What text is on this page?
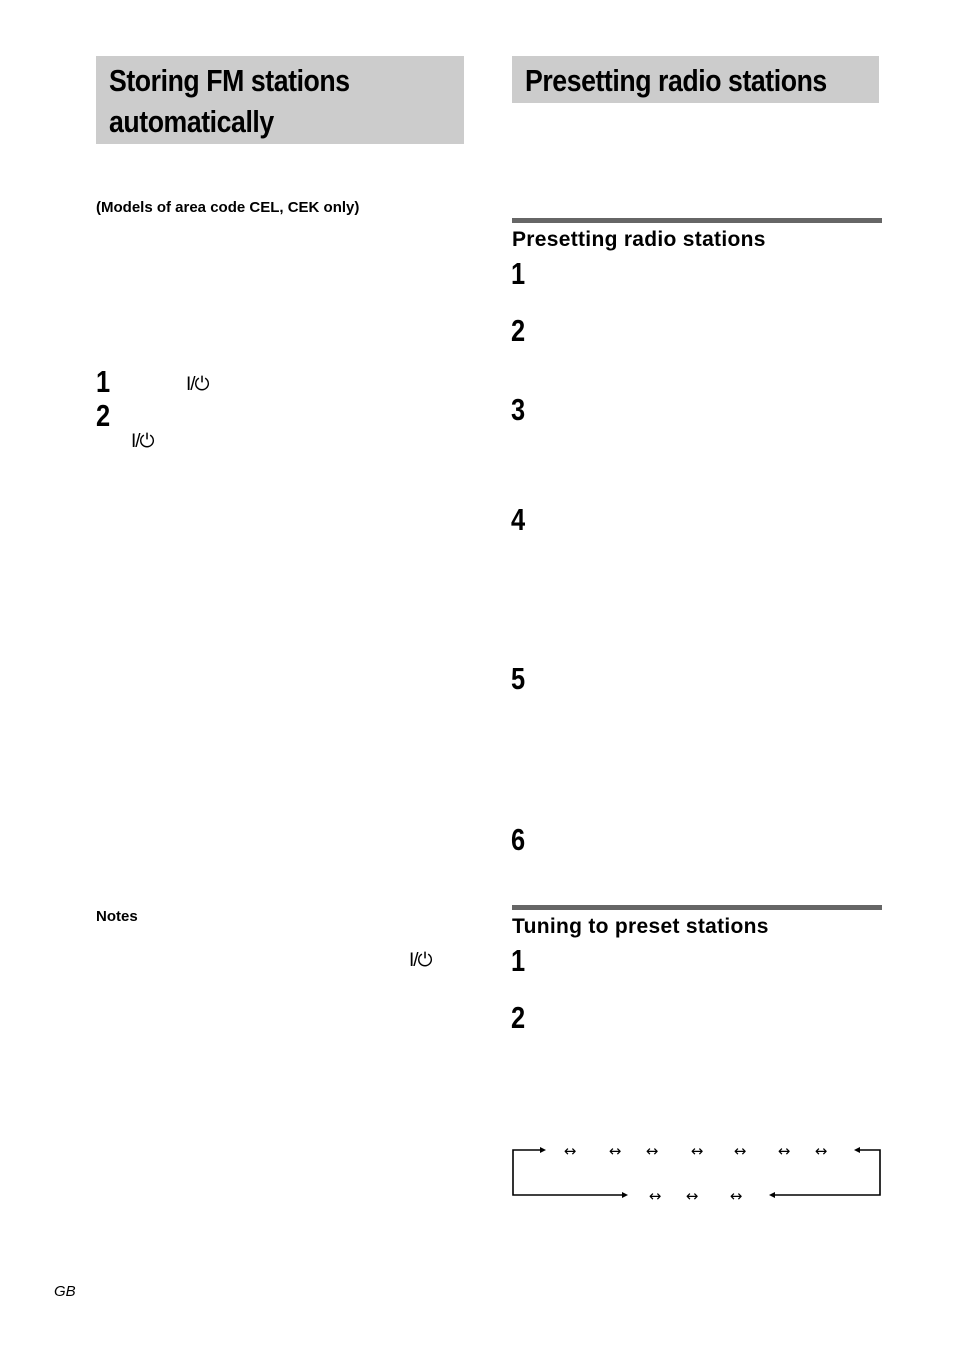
Storing FM stations
automatically
(Models of area code CEL, CEK only)
1	I/⏻
2
I/⏻
Notes
I/⏻
Presetting radio stations
Presetting radio stations
1
2
3
4
5
6
Tuning to preset stations
1
2
↔ ↔ ↔ ↔ ↔ ↔ ↔
↔ ↔ ↔
GB
